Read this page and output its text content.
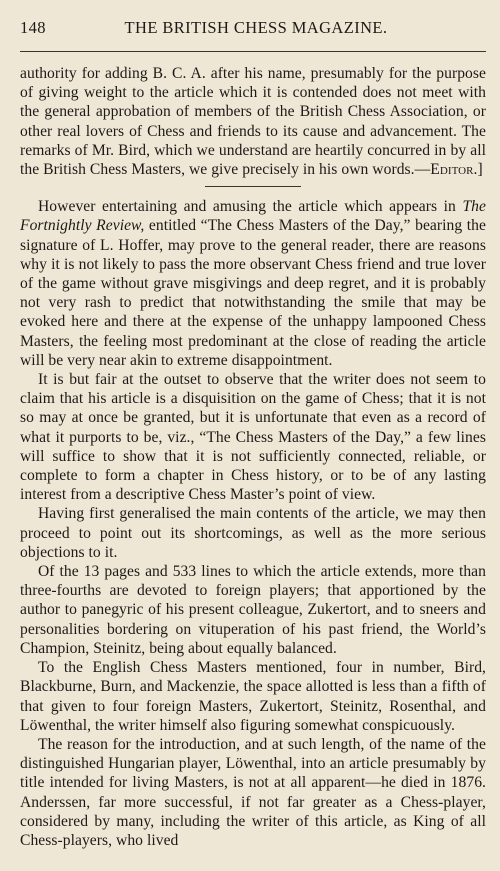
148	THE BRITISH CHESS MAGAZINE.

authority for adding B. C. A. after his name, presumably for the purpose of giving weight to the article which it is contended does not meet with the general approbation of members of the British Chess Association, or other real lovers of Chess and friends to its cause and advancement. The remarks of Mr. Bird, which we understand are heartily concurred in by all the British Chess Masters, we give precisely in his own words.—Editor.]

However entertaining and amusing the article which appears in The Fortnightly Review, entitled “The Chess Masters of the Day,” bearing the signature of L. Hoffer, may prove to the general reader, there are reasons why it is not likely to pass the more observant Chess friend and true lover of the game without grave misgivings and deep regret, and it is probably not very rash to predict that notwithstanding the smile that may be evoked here and there at the expense of the unhappy lampooned Chess Masters, the feeling most predominant at the close of reading the article will be very near akin to extreme disappointment.

It is but fair at the outset to observe that the writer does not seem to claim that his article is a disquisition on the game of Chess; that it is not so may at once be granted, but it is unfortunate that even as a record of what it purports to be, viz., “The Chess Masters of the Day,” a few lines will suffice to show that it is not sufficiently connected, reliable, or complete to form a chapter in Chess history, or to be of any lasting interest from a descriptive Chess Master’s point of view.

Having first generalised the main contents of the article, we may then proceed to point out its shortcomings, as well as the more serious objections to it.

Of the 13 pages and 533 lines to which the article extends, more than three-fourths are devoted to foreign players; that apportioned by the author to panegyric of his present colleague, Zukertort, and to sneers and personalities bordering on vituperation of his past friend, the World’s Champion, Steinitz, being about equally balanced.

To the English Chess Masters mentioned, four in number, Bird, Blackburne, Burn, and Mackenzie, the space allotted is less than a fifth of that given to four foreign Masters, Zukertort, Steinitz, Rosenthal, and Löwenthal, the writer himself also figuring somewhat conspicuously.

The reason for the introduction, and at such length, of the name of the distinguished Hungarian player, Löwenthal, into an article presumably by title intended for living Masters, is not at all apparent—he died in 1876. Anderssen, far more successful, if not far greater as a Chess-player, considered by many, including the writer of this article, as King of all Chess-players, who lived
